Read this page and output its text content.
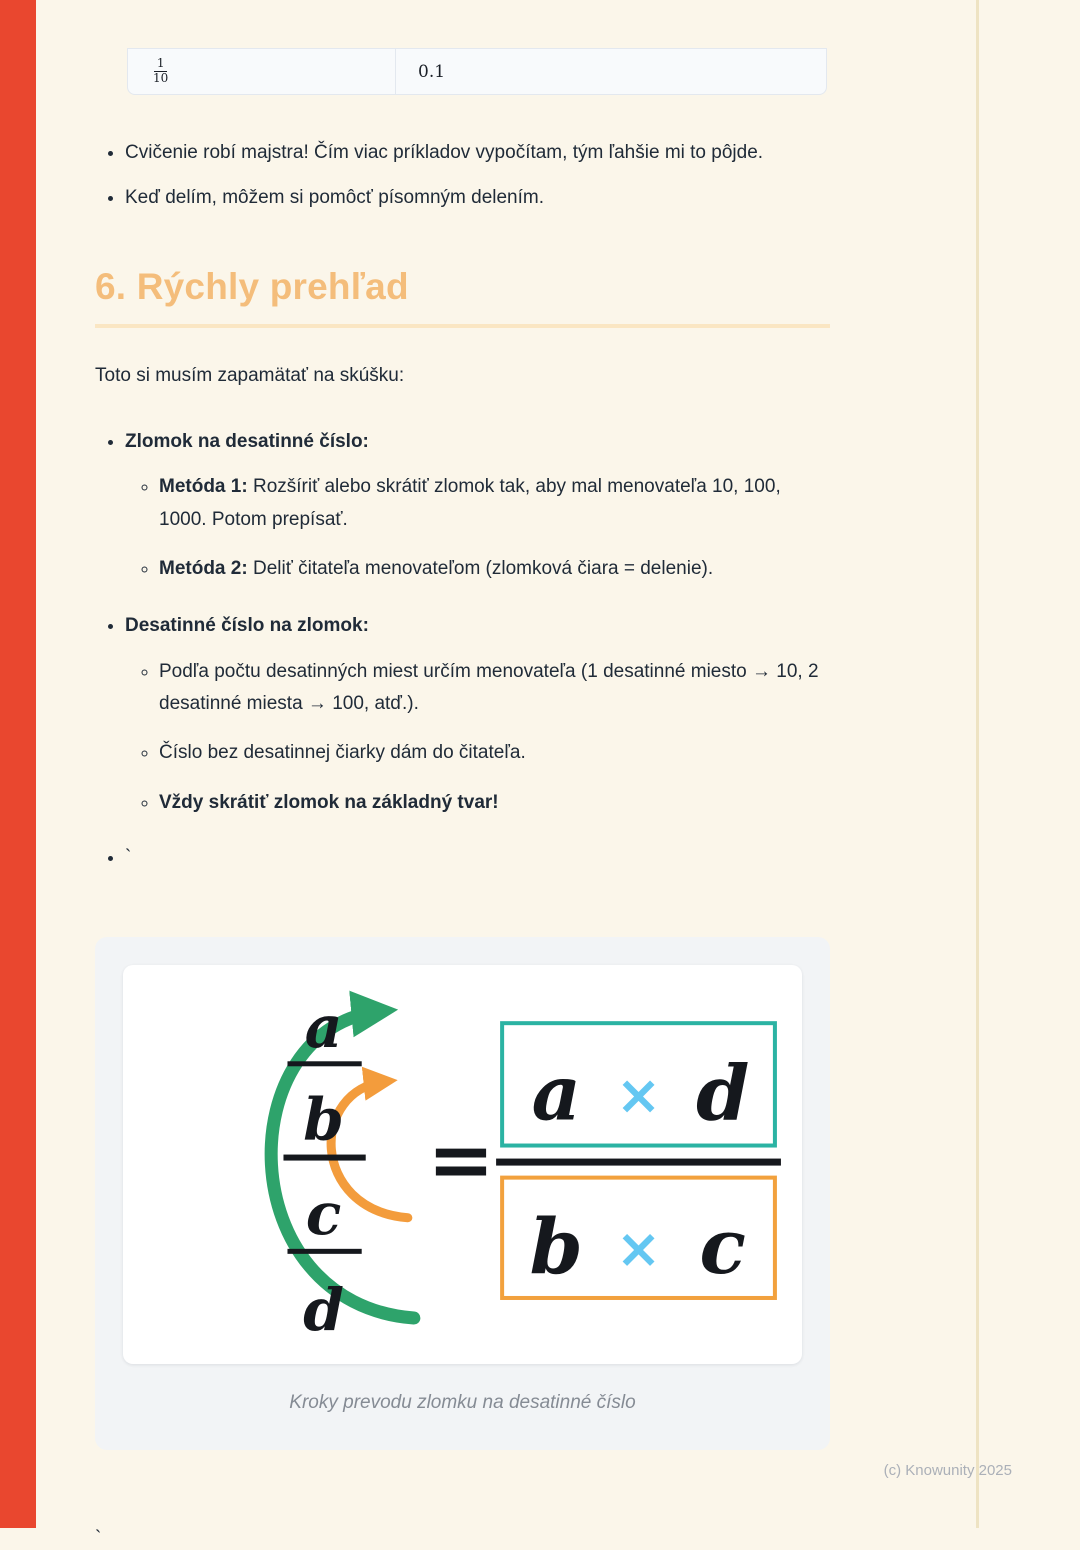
$\frac{1}{10}$	0.1
• Cvičenie robí majstra! Čím viac príkladov vypočítam, tým ľahšie mi to pôjde.
• Keď delím, môžem si pomôcť písomným delením.
6. Rýchly prehľad

Toto si musím zapamätať na skúšku:

• Zlomok na desatinné číslo:
◦ Metóda 1: Rozšíriť alebo skrátiť zlomok tak, aby mal menovateľa 10, 100, 1000. Potom prepísať.
◦ Metóda 2: Deliť čitateľa menovateľom (zlomková čiara = delenie).
• Desatinné číslo na zlomok:
◦ Podľa počtu desatinných miest určím menovateľa (1 desatinné miesto → 10, 2 desatinné miesta → 100, atď.).
◦ Číslo bez desatinnej čiarky dám do čitateľa.
◦ Vždy skrátiť zlomok na základný tvar!
• `
a
b
c
d
=
a × d
b × c
Kroky prevodu zlomku na desatinné číslo
`
(c) Knowunity 2025
